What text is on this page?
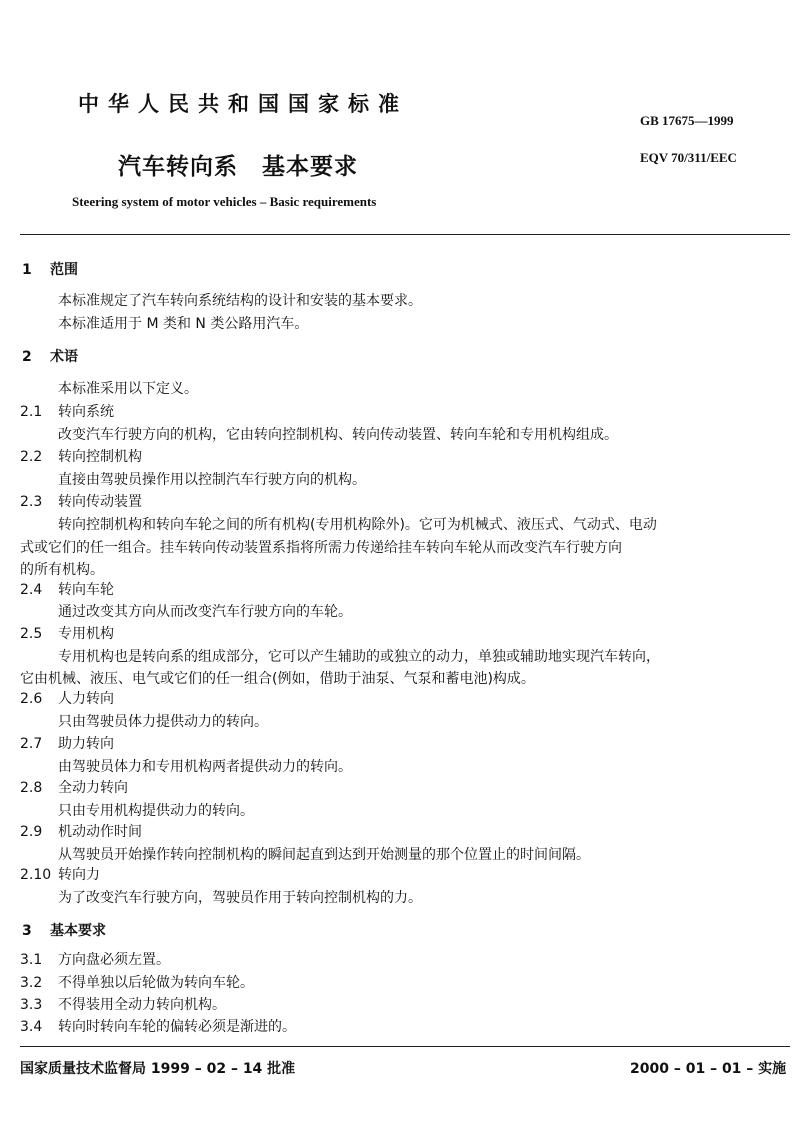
中华人民共和国国家标准
GB 17675—1999
汽车转向系　基本要求	EQV 70/311/EEC
Steering system of motor vehicles – Basic requirements
1 范围
本标准规定了汽车转向系统结构的设计和安装的基本要求。
本标准适用于 M 类和 N 类公路用汽车。
2 术语
本标准采用以下定义。
2.1 转向系统
改变汽车行驶方向的机构，它由转向控制机构、转向传动装置、转向车轮和专用机构组成。
2.2 转向控制机构
直接由驾驶员操作用以控制汽车行驶方向的机构。
2.3 转向传动装置
转向控制机构和转向车轮之间的所有机构(专用机构除外)。它可为机械式、液压式、气动式、电动
式或它们的任一组合。挂车转向传动装置系指将所需力传递给挂车转向车轮从而改变汽车行驶方向
的所有机构。
2.4 转向车轮
通过改变其方向从而改变汽车行驶方向的车轮。
2.5 专用机构
专用机构也是转向系的组成部分，它可以产生辅助的或独立的动力，单独或辅助地实现汽车转向，
它由机械、液压、电气或它们的任一组合(例如，借助于油泵、气泵和蓄电池)构成。
2.6 人力转向
只由驾驶员体力提供动力的转向。
2.7 助力转向
由驾驶员体力和专用机构两者提供动力的转向。
2.8 全动力转向
只由专用机构提供动力的转向。
2.9 机动动作时间
从驾驶员开始操作转向控制机构的瞬间起直到达到开始测量的那个位置止的时间间隔。
2.10 转向力
为了改变汽车行驶方向，驾驶员作用于转向控制机构的力。
3 基本要求
3.1 方向盘必须左置。
3.2 不得单独以后轮做为转向车轮。
3.3 不得装用全动力转向机构。
3.4 转向时转向车轮的偏转必须是渐进的。
国家质量技术监督局 1999 – 02 – 14 批准	2000 – 01 – 01 – 实施
